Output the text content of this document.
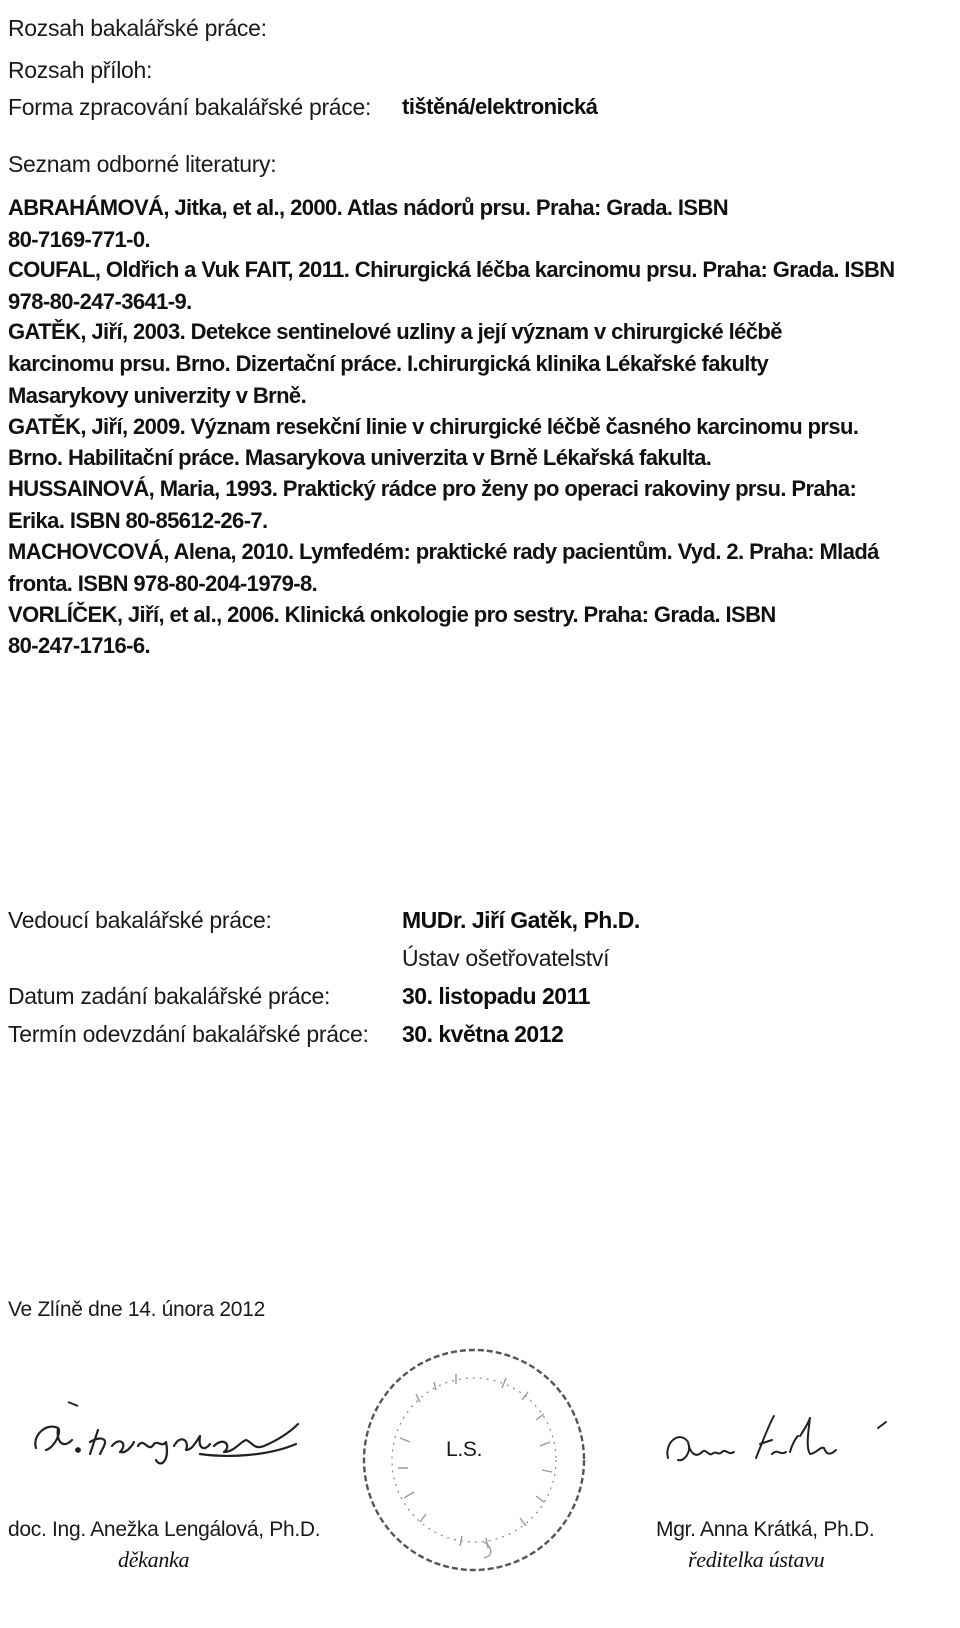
Rozsah bakalářské práce:
Rozsah příloh:
Forma zpracování bakalářské práce: tištěná/elektronická
Seznam odborné literatury:
ABRAHÁMOVÁ, Jitka, et al., 2000. Atlas nádorů prsu. Praha: Grada. ISBN
80-7169-771-0.
COUFAL, Oldřich a Vuk FAIT, 2011. Chirurgická léčba karcinomu prsu. Praha: Grada. ISBN
978-80-247-3641-9.
GATĚK, Jiří, 2003. Detekce sentinelové uzliny a její význam v chirurgické léčbě
karcinomu prsu. Brno. Dizertační práce. I.chirurgická klinika Lékařské fakulty
Masarykovy univerzity v Brně.
GATĚK, Jiří, 2009. Význam resekční linie v chirurgické léčbě časného karcinomu prsu.
Brno. Habilitační práce. Masarykova univerzita v Brně Lékařská fakulta.
HUSSAINOVÁ, Maria, 1993. Praktický rádce pro ženy po operaci rakoviny prsu. Praha:
Erika. ISBN 80-85612-26-7.
MACHOVCOVÁ, Alena, 2010. Lymfedém: praktické rady pacientům. Vyd. 2. Praha: Mladá
fronta. ISBN 978-80-204-1979-8.
VORLÍČEK, Jiří, et al., 2006. Klinická onkologie pro sestry. Praha: Grada. ISBN
80-247-1716-6.
Vedoucí bakalářské práce:	MUDr. Jiří Gatěk, Ph.D.
Ústav ošetřovatelství
Datum zadání bakalářské práce:	30. listopadu 2011
Termín odevzdání bakalářské práce: 30. května 2012
Ve Zlíně dne 14. února 2012
doc. Ing. Anežka Lengálová, Ph.D.
děkanka
L.S.
Mgr. Anna Krátká, Ph.D.
ředitelka ústavu
